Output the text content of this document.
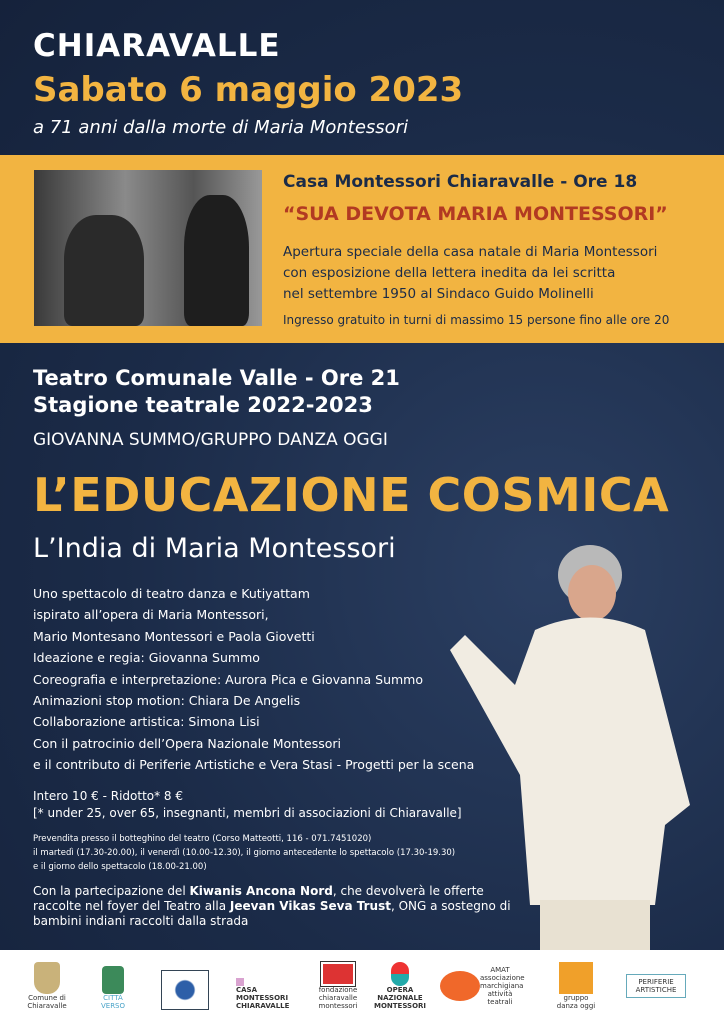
CHIARAVALLE
Sabato 6 maggio 2023
a 71 anni dalla morte di Maria Montessori
Casa Montessori Chiaravalle - Ore 18
“SUA DEVOTA MARIA MONTESSORI”
Apertura speciale della casa natale di Maria Montessori
con esposizione della lettera inedita da lei scritta
nel settembre 1950 al Sindaco Guido Molinelli
Ingresso gratuito in turni di massimo 15 persone fino alle ore 20
Teatro Comunale Valle - Ore 21
Stagione teatrale 2022-2023
GIOVANNA SUMMO/GRUPPO DANZA OGGI
L’EDUCAZIONE COSMICA
L’India di Maria Montessori
Uno spettacolo di teatro danza e Kutiyattam
ispirato all’opera di Maria Montessori,
Mario Montesano Montessori e Paola Giovetti
Ideazione e regia: Giovanna Summo
Coreografia e interpretazione: Aurora Pica e Giovanna Summo
Animazioni stop motion: Chiara De Angelis
Collaborazione artistica: Simona Lisi
Con il patrocinio dell’Opera Nazionale Montessori
e il contributo di Periferie Artistiche e Vera Stasi - Progetti per la scena
Intero 10 € - Ridotto* 8 €
[* under 25, over 65, insegnanti, membri di associazioni di Chiaravalle]
Prevendita presso il botteghino del teatro (Corso Matteotti, 116 - 071.7451020)
il martedì (17.30-20.00), il venerdì (10.00-12.30), il giorno antecedente lo spettacolo (17.30-19.30)
e il giorno dello spettacolo (18.00-21.00)
Con la partecipazione del Kiwanis Ancona Nord, che devolverà le offerte raccolte nel foyer del Teatro alla Jeevan Vikas Seva Trust, ONG a sostegno di bambini indiani raccolti dalla strada
Comune di Chiaravalle
CITTÀ VERSO
CASA MONTESSORI CHIARAVALLE
fondazione chiaravalle montessori
OPERA NAZIONALE MONTESSORI
AMAT associazione marchigiana attività teatrali	gruppo danza oggi
PERIFERIE ARTISTICHE
